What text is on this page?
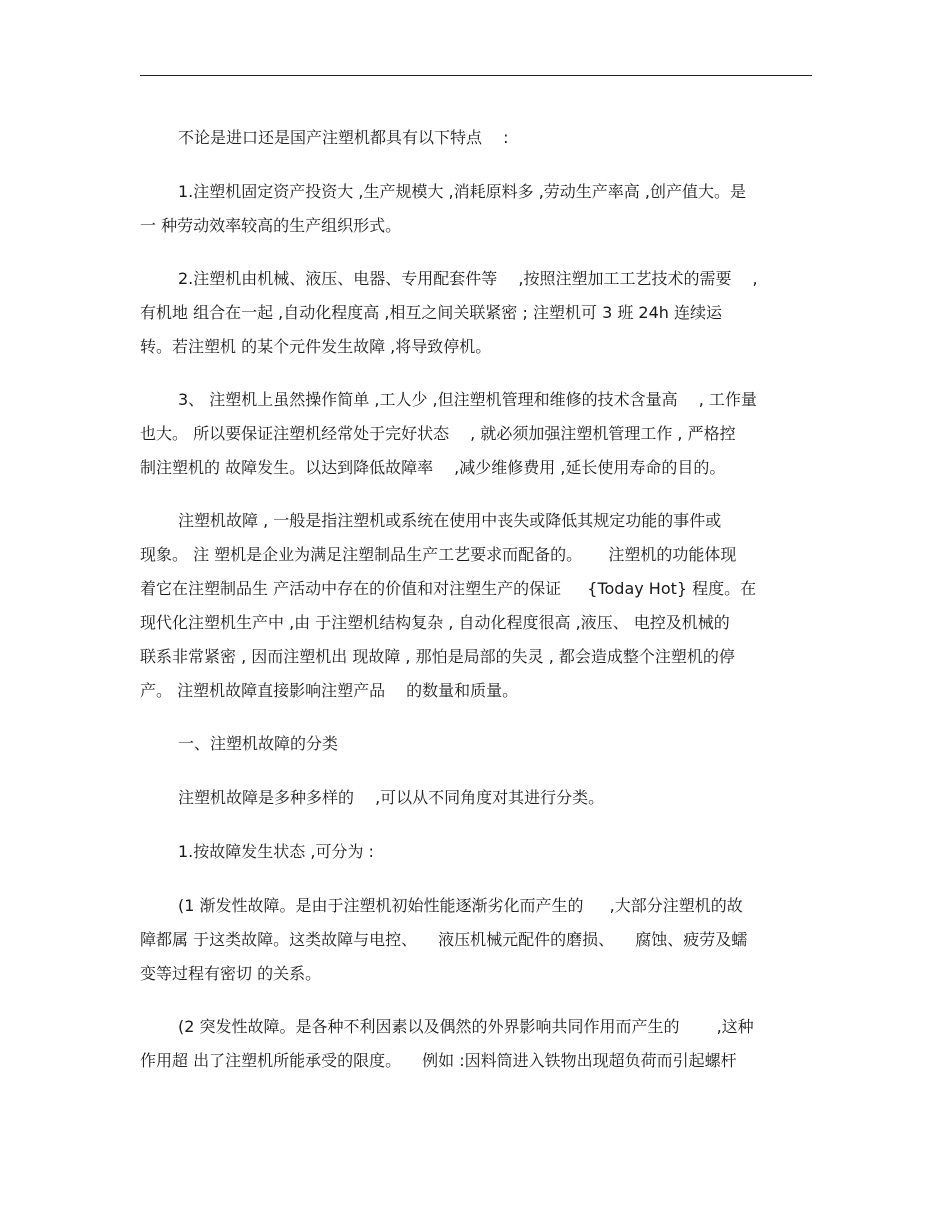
不论是进口还是国产注塑机都具有以下特点 　:

1.注塑机固定资产投资大 ,生产规模大 ,消耗原料多 ,劳动生产率高 ,创产值大。是
一 种劳动效率较高的生产组织形式。

2.注塑机由机械、液压、电器、专用配套件等 　,按照注塑加工工艺技术的需要 　,
有机地 组合在一起 ,自动化程度高 ,相互之间关联紧密 ; 注塑机可 3 班 24h 连续运
转。若注塑机 的某个元件发生故障 ,将导致停机。

3、 注塑机上虽然操作简单 ,工人少 ,但注塑机管理和维修的技术含量高 　, 工作量
也大。 所以要保证注塑机经常处于完好状态 　, 就必须加强注塑机管理工作 , 严格控
制注塑机的 故障发生。以达到降低故障率 　,减少维修费用 ,延长使用寿命的目的。

注塑机故障 , 一般是指注塑机或系统在使用中丧失或降低其规定功能的事件或
现象。 注 塑机是企业为满足注塑制品生产工艺要求而配备的。 　 注塑机的功能体现
着它在注塑制品生 产活动中存在的价值和对注塑生产的保证 　 {Today Hot} 程度。在
现代化注塑机生产中 ,由 于注塑机结构复杂 , 自动化程度很高 ,液压、 电控及机械的
联系非常紧密 , 因而注塑机出 现故障 , 那怕是局部的失灵 , 都会造成整个注塑机的停
产。 注塑机故障直接影响注塑产品 　的数量和质量。

一、注塑机故障的分类

注塑机故障是多种多样的 　,可以从不同角度对其进行分类。

1.按故障发生状态 ,可分为 :

(1 渐发性故障。是由于注塑机初始性能逐渐劣化而产生的 　 ,大部分注塑机的故
障都属 于这类故障。这类故障与电控、 　液压机械元配件的磨损、 　腐蚀、疲劳及蠕
变等过程有密切 的关系。

(2 突发性故障。是各种不利因素以及偶然的外界影响共同作用而产生的 　　,这种
作用超 出了注塑机所能承受的限度。 　例如 :因料筒进入铁物出现超负荷而引起螺杆
